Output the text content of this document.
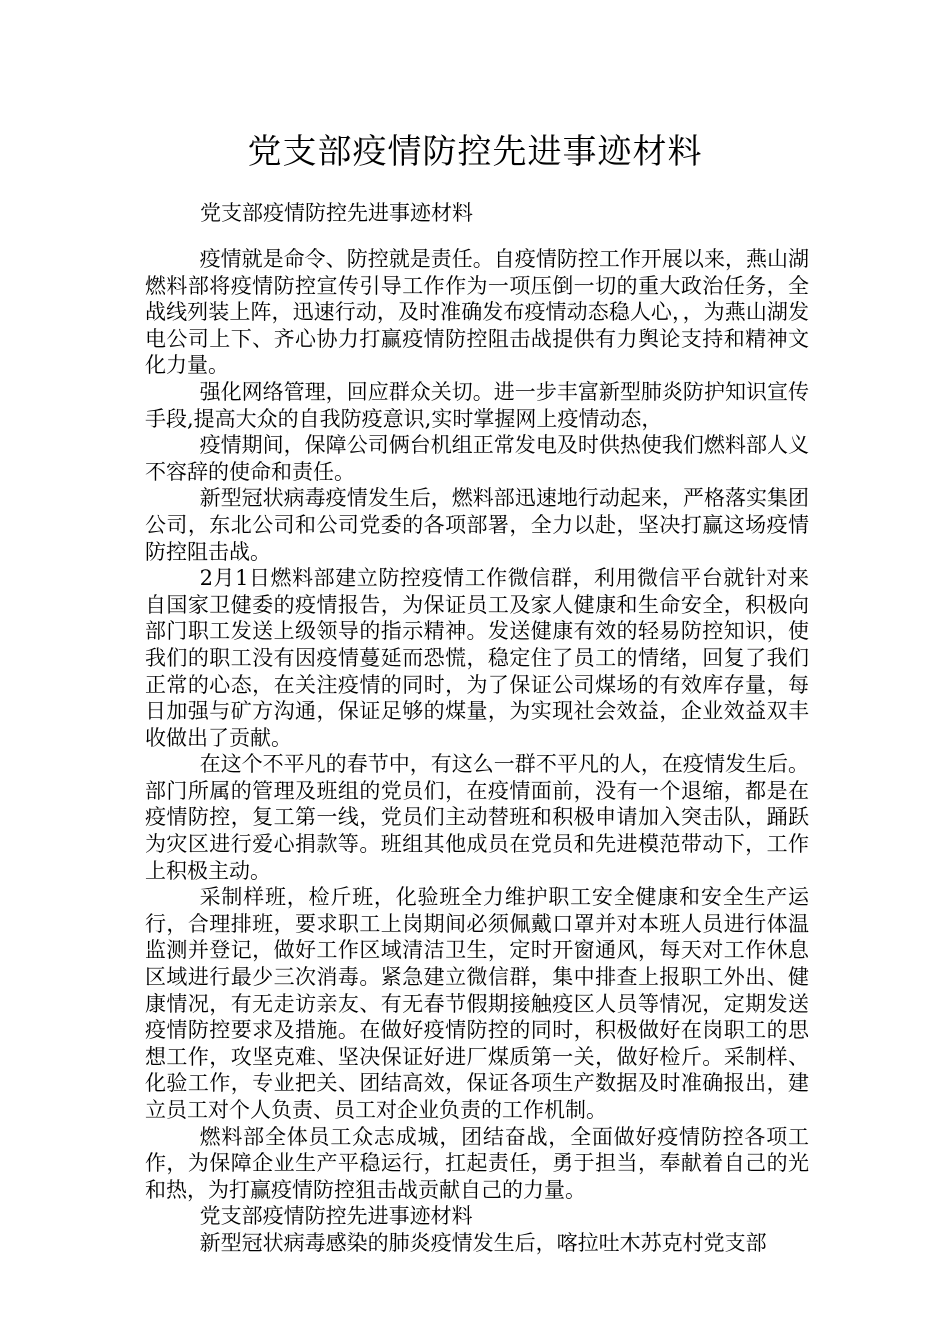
党支部疫情防控先进事迹材料
党支部疫情防控先进事迹材料

疫情就是命令、防控就是责任。自疫情防控工作开展以来，燕山湖燃料部将疫情防控宣传引导工作作为一项压倒一切的重大政治任务，全战线列装上阵，迅速行动，及时准确发布疫情动态稳人心，，为燕山湖发电公司上下、齐心协力打赢疫情防控阻击战提供有力舆论支持和精神文化力量。

强化网络管理，回应群众关切。进一步丰富新型肺炎防护知识宣传手段,提高大众的自我防疫意识,实时掌握网上疫情动态，

疫情期间，保障公司俩台机组正常发电及时供热使我们燃料部人义不容辞的使命和责任。

新型冠状病毒疫情发生后，燃料部迅速地行动起来，严格落实集团公司，东北公司和公司党委的各项部署，全力以赴，坚决打赢这场疫情防控阻击战。

2月1日燃料部建立防控疫情工作微信群，利用微信平台就针对来自国家卫健委的疫情报告，为保证员工及家人健康和生命安全，积极向部门职工发送上级领导的指示精神。发送健康有效的轻易防控知识，使我们的职工没有因疫情蔓延而恐慌，稳定住了员工的情绪，回复了我们正常的心态，在关注疫情的同时，为了保证公司煤场的有效库存量，每日加强与矿方沟通，保证足够的煤量，为实现社会效益，企业效益双丰收做出了贡献。

在这个不平凡的春节中，有这么一群不平凡的人，在疫情发生后。部门所属的管理及班组的党员们，在疫情面前，没有一个退缩，都是在疫情防控，复工第一线，党员们主动替班和积极申请加入突击队，踊跃为灾区进行爱心捐款等。班组其他成员在党员和先进模范带动下，工作上积极主动。

采制样班，检斤班，化验班全力维护职工安全健康和安全生产运行，合理排班，要求职工上岗期间必须佩戴口罩并对本班人员进行体温监测并登记，做好工作区域清洁卫生，定时开窗通风，每天对工作休息区域进行最少三次消毒。紧急建立微信群，集中排查上报职工外出、健康情况，有无走访亲友、有无春节假期接触疫区人员等情况，定期发送疫情防控要求及措施。在做好疫情防控的同时，积极做好在岗职工的思想工作，攻坚克难、坚决保证好进厂煤质第一关，做好检斤。采制样、化验工作，专业把关、团结高效，保证各项生产数据及时准确报出，建立员工对个人负责、员工对企业负责的工作机制。

燃料部全体员工众志成城，团结奋战，全面做好疫情防控各项工作，为保障企业生产平稳运行，扛起责任，勇于担当，奉献着自己的光和热，为打赢疫情防控狙击战贡献自己的力量。

党支部疫情防控先进事迹材料

新型冠状病毒感染的肺炎疫情发生后，喀拉吐木苏克村党支部
